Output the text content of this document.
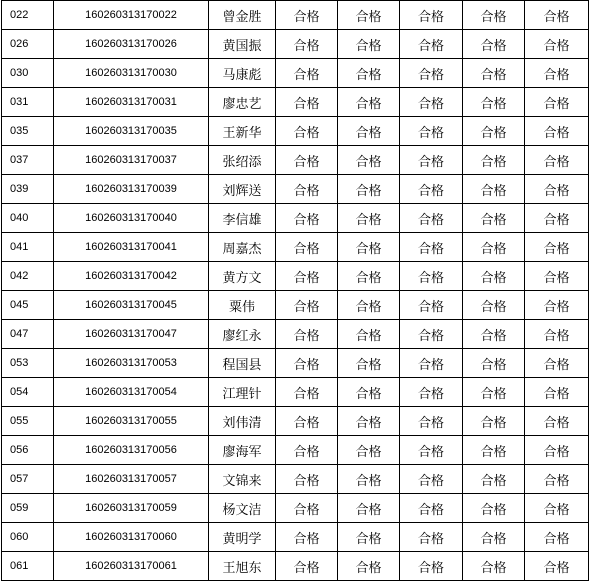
022	160260313170022	曾金胜	合格	合格	合格	合格	合格
026	160260313170026	黄国振	合格	合格	合格	合格	合格
030	160260313170030	马康彪	合格	合格	合格	合格	合格
031	160260313170031	廖忠艺	合格	合格	合格	合格	合格
035	160260313170035	王新华	合格	合格	合格	合格	合格
037	160260313170037	张绍添	合格	合格	合格	合格	合格
039	160260313170039	刘辉送	合格	合格	合格	合格	合格
040	160260313170040	李信雄	合格	合格	合格	合格	合格
041	160260313170041	周嘉杰	合格	合格	合格	合格	合格
042	160260313170042	黄方文	合格	合格	合格	合格	合格
045	160260313170045	粟伟	合格	合格	合格	合格	合格
047	160260313170047	廖红永	合格	合格	合格	合格	合格
053	160260313170053	程国县	合格	合格	合格	合格	合格
054	160260313170054	江理针	合格	合格	合格	合格	合格
055	160260313170055	刘伟清	合格	合格	合格	合格	合格
056	160260313170056	廖海军	合格	合格	合格	合格	合格
057	160260313170057	文锦来	合格	合格	合格	合格	合格
059	160260313170059	杨文洁	合格	合格	合格	合格	合格
060	160260313170060	黄明学	合格	合格	合格	合格	合格
061	160260313170061	王旭东	合格	合格	合格	合格	合格
